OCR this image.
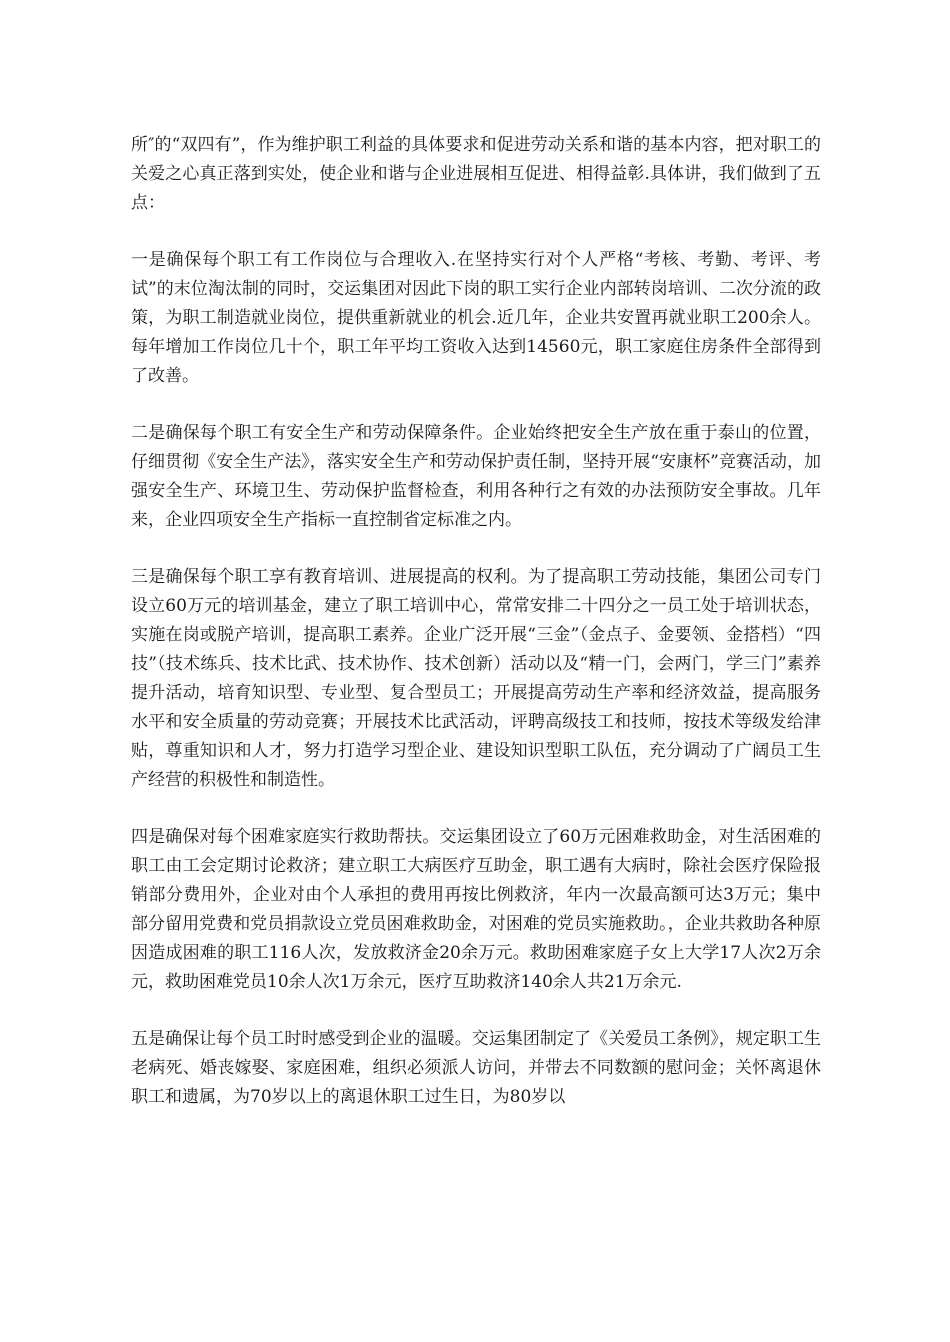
所″的“双四有”，作为维护职工利益的具体要求和促进劳动关系和谐的基本内容，把对职工的关爱之心真正落到实处，使企业和谐与企业进展相互促进、相得益彰.具体讲，我们做到了五点：

一是确保每个职工有工作岗位与合理收入.在坚持实行对个人严格“考核、考勤、考评、考试”的末位淘汰制的同时，交运集团对因此下岗的职工实行企业内部转岗培训、二次分流的政策，为职工制造就业岗位，提供重新就业的机会.近几年，企业共安置再就业职工200余人。每年增加工作岗位几十个，职工年平均工资收入达到14560元，职工家庭住房条件全部得到了改善。

二是确保每个职工有安全生产和劳动保障条件。企业始终把安全生产放在重于泰山的位置，仔细贯彻《安全生产法》，落实安全生产和劳动保护责任制，坚持开展“安康杯”竞赛活动，加强安全生产、环境卫生、劳动保护监督检查，利用各种行之有效的办法预防安全事故。几年来，企业四项安全生产指标一直控制省定标准之内。

三是确保每个职工享有教育培训、进展提高的权利。为了提高职工劳动技能，集团公司专门设立60万元的培训基金，建立了职工培训中心，常常安排二十四分之一员工处于培训状态，实施在岗或脱产培训，提高职工素养。企业广泛开展“三金”（金点子、金要领、金搭档）“四技”（技术练兵、技术比武、技术协作、技术创新）活动以及“精一门，会两门，学三门”素养提升活动，培育知识型、专业型、复合型员工；开展提高劳动生产率和经济效益，提高服务水平和安全质量的劳动竞赛；开展技术比武活动，评聘高级技工和技师，按技术等级发给津贴，尊重知识和人才，努力打造学习型企业、建设知识型职工队伍，充分调动了广阔员工生产经营的积极性和制造性。

四是确保对每个困难家庭实行救助帮扶。交运集团设立了60万元困难救助金，对生活困难的职工由工会定期讨论救济；建立职工大病医疗互助金，职工遇有大病时，除社会医疗保险报销部分费用外，企业对由个人承担的费用再按比例救济，年内一次最高额可达3万元；集中部分留用党费和党员捐款设立党员困难救助金，对困难的党员实施救助。，企业共救助各种原因造成困难的职工116人次，发放救济金20余万元。救助困难家庭子女上大学17人次2万余元，救助困难党员10余人次1万余元，医疗互助救济140余人共21万余元.

五是确保让每个员工时时感受到企业的温暖。交运集团制定了《关爱员工条例》，规定职工生老病死、婚丧嫁娶、家庭困难，组织必须派人访问，并带去不同数额的慰问金；关怀离退休职工和遗属，为70岁以上的离退休职工过生日，为80岁以
